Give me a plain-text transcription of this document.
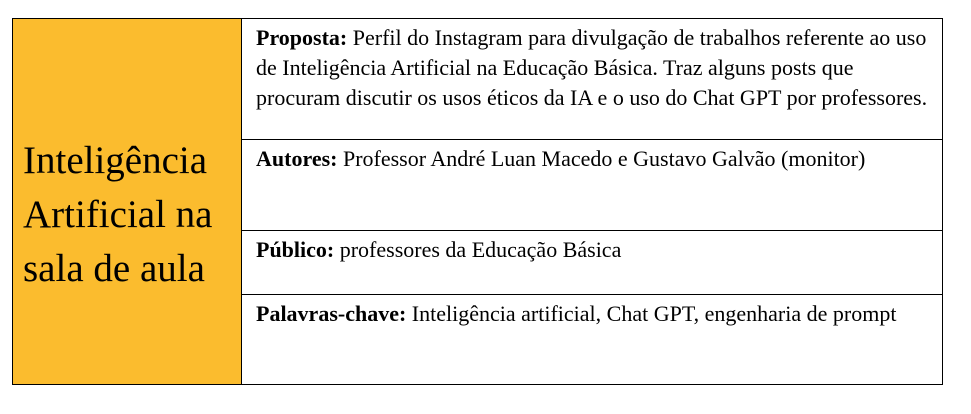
Inteligência Artificial na sala de aula

Proposta: Perfil do Instagram para divulgação de trabalhos referente ao uso de Inteligência Artificial na Educação Básica. Traz alguns posts que procuram discutir os usos éticos da IA e o uso do Chat GPT por professores.
Autores: Professor André Luan Macedo e Gustavo Galvão (monitor)
Público: professores da Educação Básica
Palavras-chave: Inteligência artificial, Chat GPT, engenharia de prompt
